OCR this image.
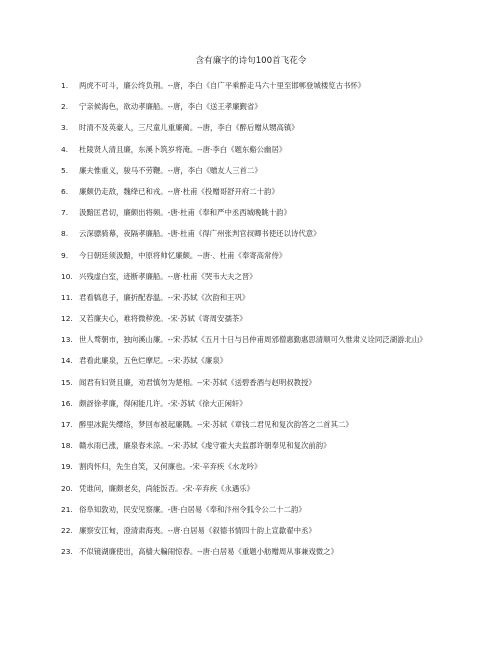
含有廉字的诗句100首飞花令
1.	两虎不可斗，廉公终负荆。--唐，李白《自广平乘醉走马六十里至邯郸登城楼览古书怀》
2.	宁亲候海色，欲动孝廉船。--唐，李白《送王孝廉觐省》
3.	时清不及英豪人，三尺童儿重廉蔺。--唐，李白《醉后赠从甥高镇》
4.	杜陵贤人清且廉，东溪卜筑岁将淹。--唐·李白《题东谿公幽居》
5.	廉夫惟重义，骏马不劳鞭。--唐，李白《赠友人三首二》
6.	廉颇仍走敌，魏绛已和戎。--唐·杜甫《投赠哥舒开府二十韵》
7.	汲黯匡君切，廉颇出将频。-唐·杜甫《奉和严中丞西城晚眺十韵》
8.	云深骠骑幕，夜隔孝廉船。-唐·杜甫《得广州张判官叔卿书使还以诗代意》
9.	今日朝廷须汲黯，中原将帅忆廉颇。--唐·、杜甫《奉寄高常侍》
10. 兴残虚白室，迹断孝廉船。--唐·杜甫《哭韦大夫之晋》
11. 君看犒息子，廉折配春温。--宋·苏轼《次韵和王巩》
12. 又若廉夫心，难将微秽浼。-宋·苏轼《寄周安孺茶》
13. 世人骛朝市，独向溪山廉。--宋·苏轼《五月十日与吕仲甫周邠僧惠勤惠思清顺可久惟肃义诠同泛湖游北山》
14. 君看此廉泉，五色烂摩尼。--宋·苏轼《廉泉》
15. 闻君有妇贤且廉，劝君慎勿为楚相。--宋·苏轼《送碧香酒与赵明叔教授》
16. 颇訝徐孝廉，得闲能几许。-宋·苏轼《徐大正闲轩》
17. 醉里冰髭失缨络，梦回布被起廉隅。--宋·苏轼《章钱二君见和复次韵答之二首其二》
18. 赣水雨已涨，廉泉春未涼。--宋·苏轼《虔守霍大夫监郡许朝奉见和复次前韵》
19. 割肉怀归，先生自笑，又何廉也。-宋·辛弃疾《水龙吟》
20. 凭谁问，廉颇老矣，尚能饭否。-宋·辛弃疾《永遇乐》
21. 俗阜知敦劝，民安见察廉。-唐·白居易《奉和汴州令狐令公二十二韵》
22. 廉察安江甸，澄清肃海夷。--唐·白居易《叙德书情四十韵上宣歙翟中丞》
23. 不似镜湖廉使出，高樯大艑闹惊春。--唐·白居易《重题小舫赠周从事兼戏微之》
